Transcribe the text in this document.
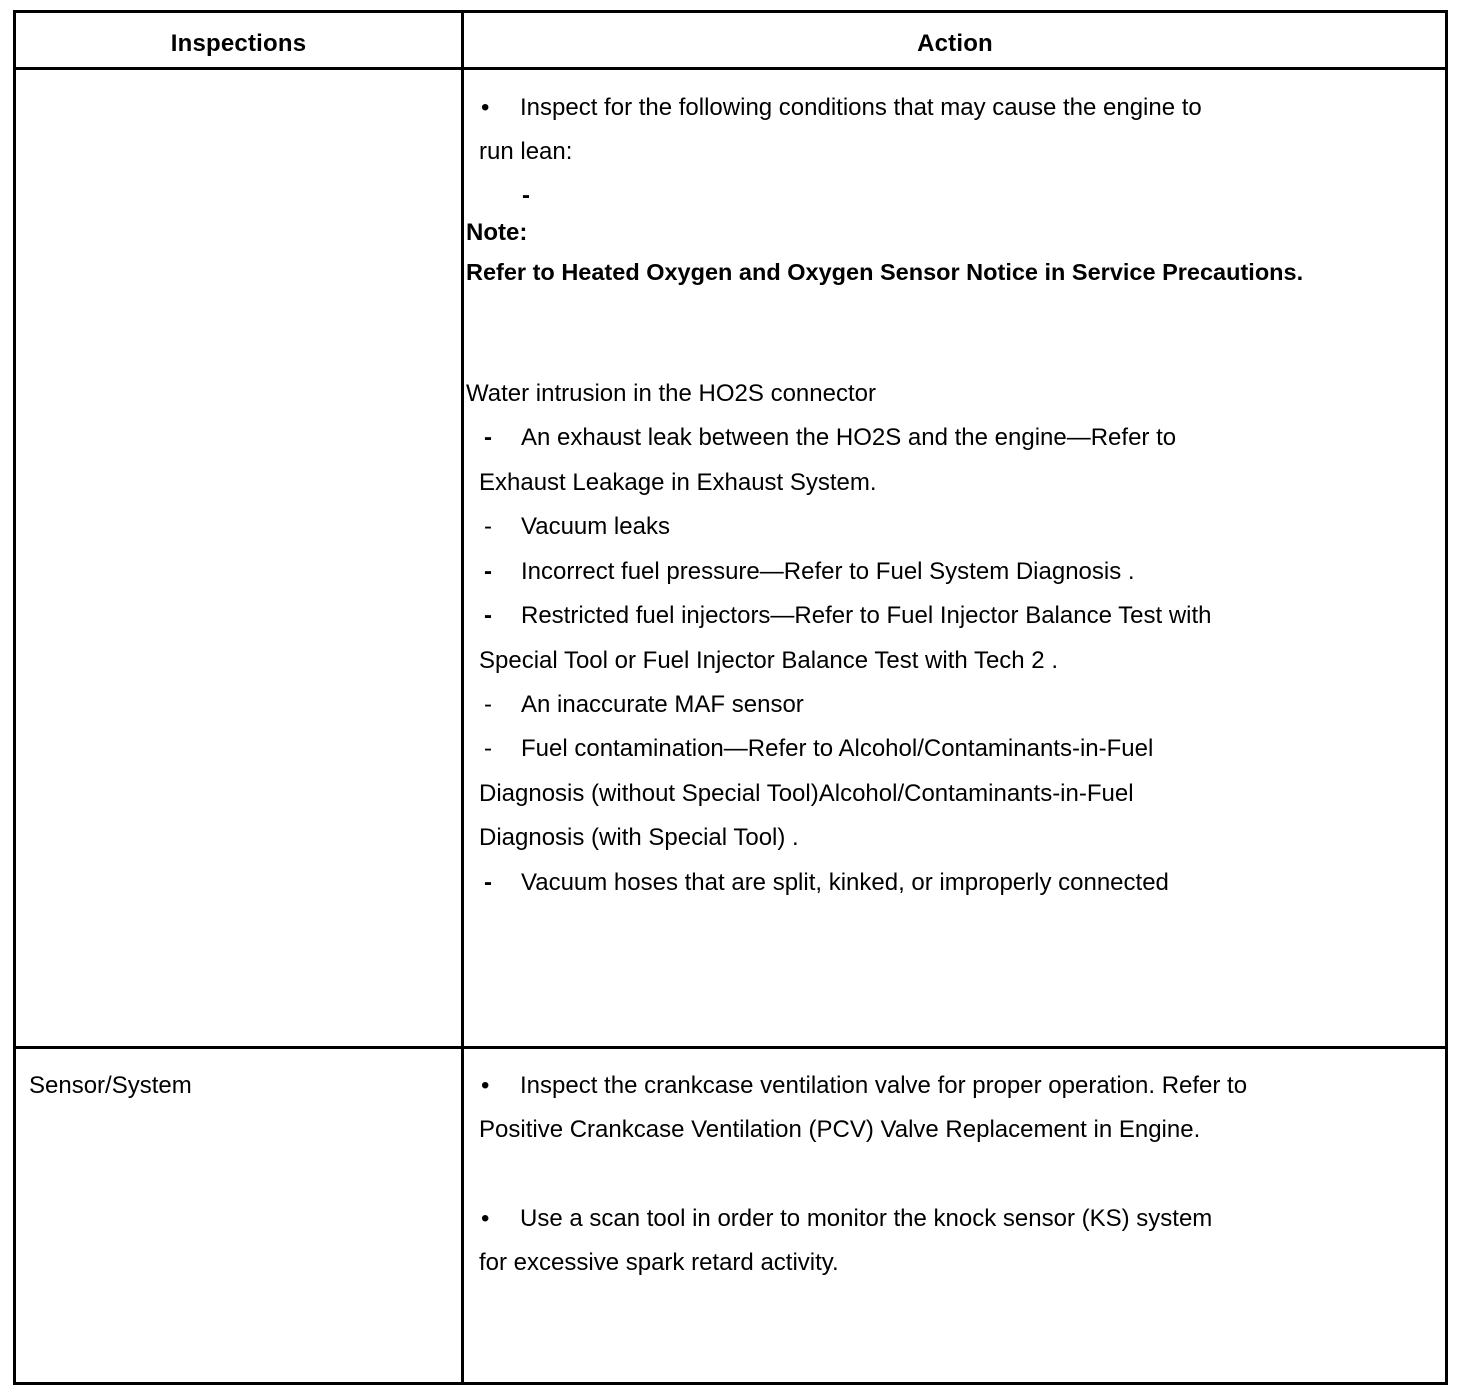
Inspections	Action
• Inspect for the following conditions that may cause the engine to
run lean:
-
Note:
Refer to Heated Oxygen and Oxygen Sensor Notice in Service Precautions.
Water intrusion in the HO2S connector
- An exhaust leak between the HO2S and the engine—Refer to
Exhaust Leakage in Exhaust System.
- Vacuum leaks
- Incorrect fuel pressure—Refer to Fuel System Diagnosis .
- Restricted fuel injectors—Refer to Fuel Injector Balance Test with
Special Tool or Fuel Injector Balance Test with Tech 2 .
- An inaccurate MAF sensor
- Fuel contamination—Refer to Alcohol/Contaminants-in-Fuel
Diagnosis (without Special Tool)Alcohol/Contaminants-in-Fuel
Diagnosis (with Special Tool) .
- Vacuum hoses that are split, kinked, or improperly connected
Sensor/System	• Inspect the crankcase ventilation valve for proper operation. Refer to
Positive Crankcase Ventilation (PCV) Valve Replacement in Engine.
• Use a scan tool in order to monitor the knock sensor (KS) system
for excessive spark retard activity.
